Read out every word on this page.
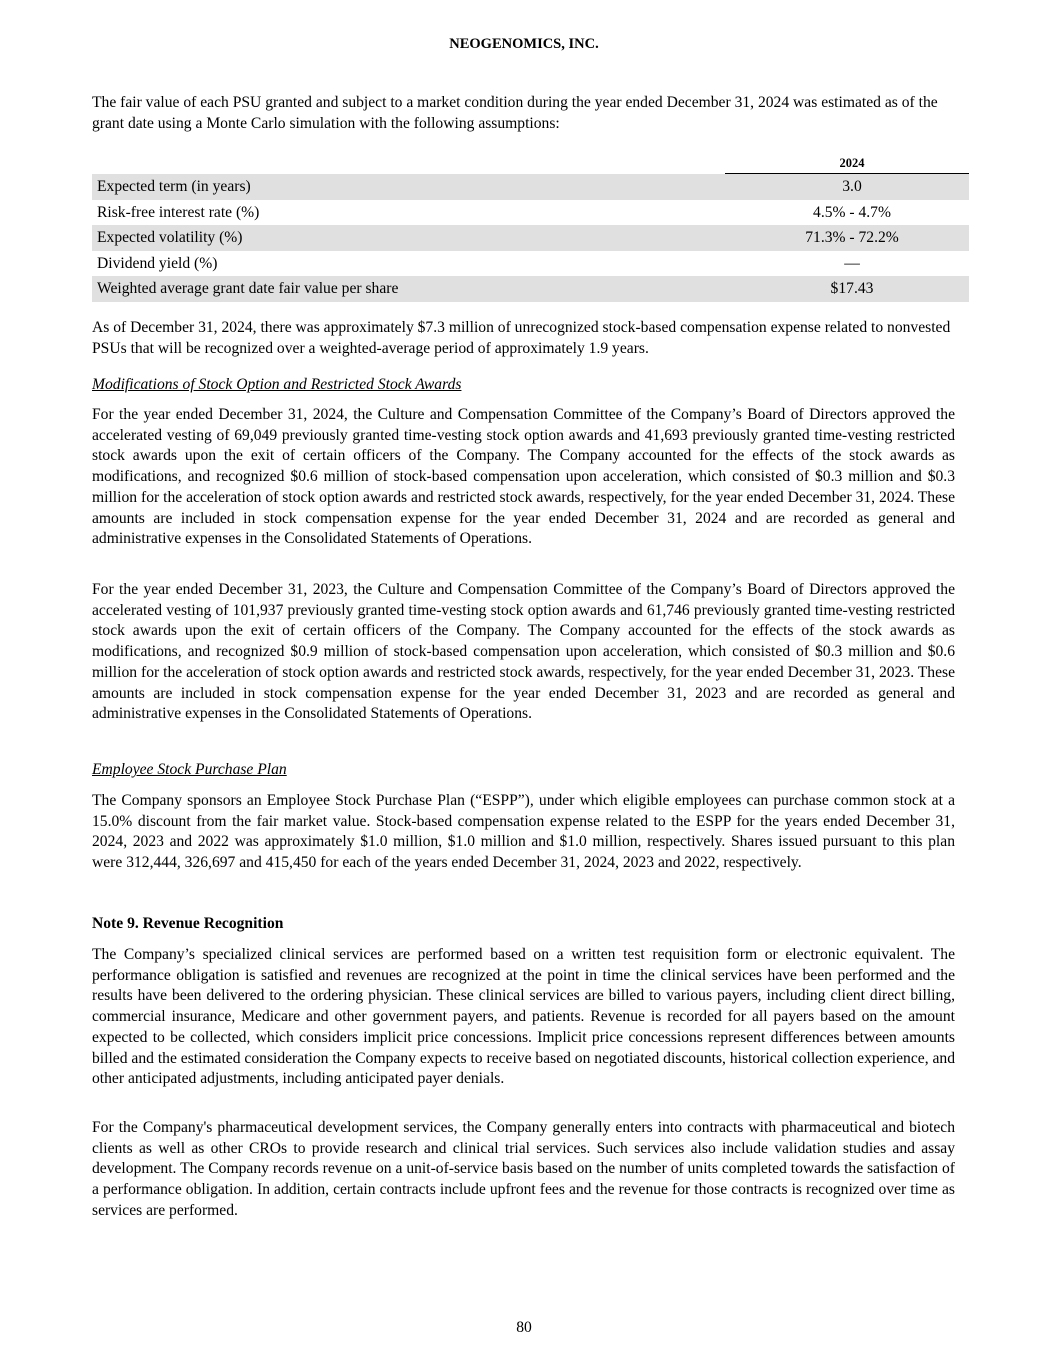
NEOGENOMICS, INC.

The fair value of each PSU granted and subject to a market condition during the year ended December 31, 2024 was estimated as of the grant date using a Monte Carlo simulation with the following assumptions:

	2024
Expected term (in years)	3.0
Risk-free interest rate (%)	4.5% - 4.7%
Expected volatility (%)	71.3% - 72.2%
Dividend yield (%)	—
Weighted average grant date fair value per share	$17.43

As of December 31, 2024, there was approximately $7.3 million of unrecognized stock-based compensation expense related to nonvested PSUs that will be recognized over a weighted-average period of approximately 1.9 years.

Modifications of Stock Option and Restricted Stock Awards

For the year ended December 31, 2024, the Culture and Compensation Committee of the Company’s Board of Directors approved the accelerated vesting of 69,049 previously granted time-vesting stock option awards and 41,693 previously granted time-vesting restricted stock awards upon the exit of certain officers of the Company. The Company accounted for the effects of the stock awards as modifications, and recognized $0.6 million of stock-based compensation upon acceleration, which consisted of $0.3 million and $0.3 million for the acceleration of stock option awards and restricted stock awards, respectively, for the year ended December 31, 2024. These amounts are included in stock compensation expense for the year ended December 31, 2024 and are recorded as general and administrative expenses in the Consolidated Statements of Operations.

For the year ended December 31, 2023, the Culture and Compensation Committee of the Company’s Board of Directors approved the accelerated vesting of 101,937 previously granted time-vesting stock option awards and 61,746 previously granted time-vesting restricted stock awards upon the exit of certain officers of the Company. The Company accounted for the effects of the stock awards as modifications, and recognized $0.9 million of stock-based compensation upon acceleration, which consisted of $0.3 million and $0.6 million for the acceleration of stock option awards and restricted stock awards, respectively, for the year ended December 31, 2023. These amounts are included in stock compensation expense for the year ended December 31, 2023 and are recorded as general and administrative expenses in the Consolidated Statements of Operations.

Employee Stock Purchase Plan

The Company sponsors an Employee Stock Purchase Plan (“ESPP”), under which eligible employees can purchase common stock at a 15.0% discount from the fair market value. Stock-based compensation expense related to the ESPP for the years ended December 31, 2024, 2023 and 2022 was approximately $1.0 million, $1.0 million and $1.0 million, respectively. Shares issued pursuant to this plan were 312,444, 326,697 and 415,450 for each of the years ended December 31, 2024, 2023 and 2022, respectively.

Note 9. Revenue Recognition

The Company’s specialized clinical services are performed based on a written test requisition form or electronic equivalent. The performance obligation is satisfied and revenues are recognized at the point in time the clinical services have been performed and the results have been delivered to the ordering physician. These clinical services are billed to various payers, including client direct billing, commercial insurance, Medicare and other government payers, and patients. Revenue is recorded for all payers based on the amount expected to be collected, which considers implicit price concessions. Implicit price concessions represent differences between amounts billed and the estimated consideration the Company expects to receive based on negotiated discounts, historical collection experience, and other anticipated adjustments, including anticipated payer denials.

For the Company's pharmaceutical development services, the Company generally enters into contracts with pharmaceutical and biotech clients as well as other CROs to provide research and clinical trial services. Such services also include validation studies and assay development. The Company records revenue on a unit-of-service basis based on the number of units completed towards the satisfaction of a performance obligation. In addition, certain contracts include upfront fees and the revenue for those contracts is recognized over time as services are performed.

80
